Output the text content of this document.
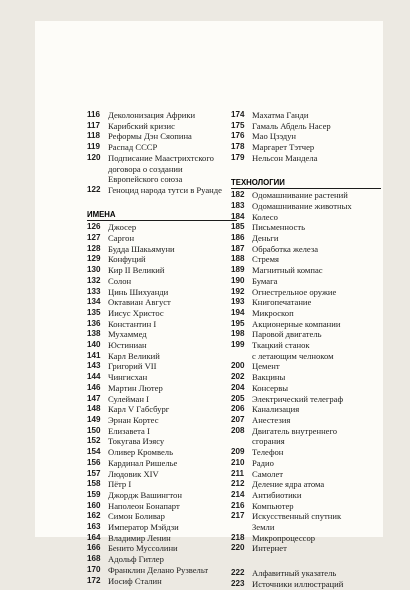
116 Деколонизация Африки
117 Карибский кризис
118 Реформы Дэн Сяопина
119 Распад СССР
120 Подписание Маастрихтского
договора о создании
Европейского союза
122 Геноцид народа тутси в Руанде
ИМЕНА
126 Джосер
127 Саргон
128 Будда Шакьямуни
129 Конфуций
130 Кир II Великий
132 Солон
133 Цинь Шихуанди
134 Октавиан Август
135 Иисус Христос
136 Константин I
138 Мухаммед
140 Юстиниан
141 Карл Великий
143 Григорий VII
144 Чингисхан
146 Мартин Лютер
147 Сулейман I
148 Карл V Габсбург
149 Эрнан Кортес
150 Елизавета I
152 Токугава Иэясу
154 Оливер Кромвель
156 Кардинал Ришелье
157 Людовик XIV
158 Пётр I
159 Джордж Вашингтон
160 Наполеон Бонапарт
162 Симон Боливар
163 Император Мэйдзи
164 Владимир Ленин
166 Бенито Муссолини
168 Адольф Гитлер
170 Франклин Делано Рузвельт
172 Иосиф Сталин
174 Махатма Ганди
175 Гамаль Абдель Насер
176 Мао Цзэдун
178 Маргарет Тэтчер
179 Нельсон Мандела
ТЕХНОЛОГИИ
182 Одомашнивание растений
183 Одомашнивание животных
184 Колесо
185 Письменность
186 Деньги
187 Обработка железа
188 Стремя
189 Магнитный компас
190 Бумага
192 Огнестрельное оружие
193 Книгопечатание
194 Микроскоп
195 Акционерные компании
198 Паровой двигатель
199 Ткацкий станок
с летающим челноком
200 Цемент
202 Вакцины
204 Консервы
205 Электрический телеграф
206 Канализация
207 Анестезия
208 Двигатель внутреннего
сгорания
209 Телефон
210 Радио
211 Самолет
212 Деление ядра атома
214 Антибиотики
216 Компьютер
217 Искусственный спутник
Земли
218 Микропроцессор
220 Интернет
222 Алфавитный указатель
223 Источники иллюстраций
